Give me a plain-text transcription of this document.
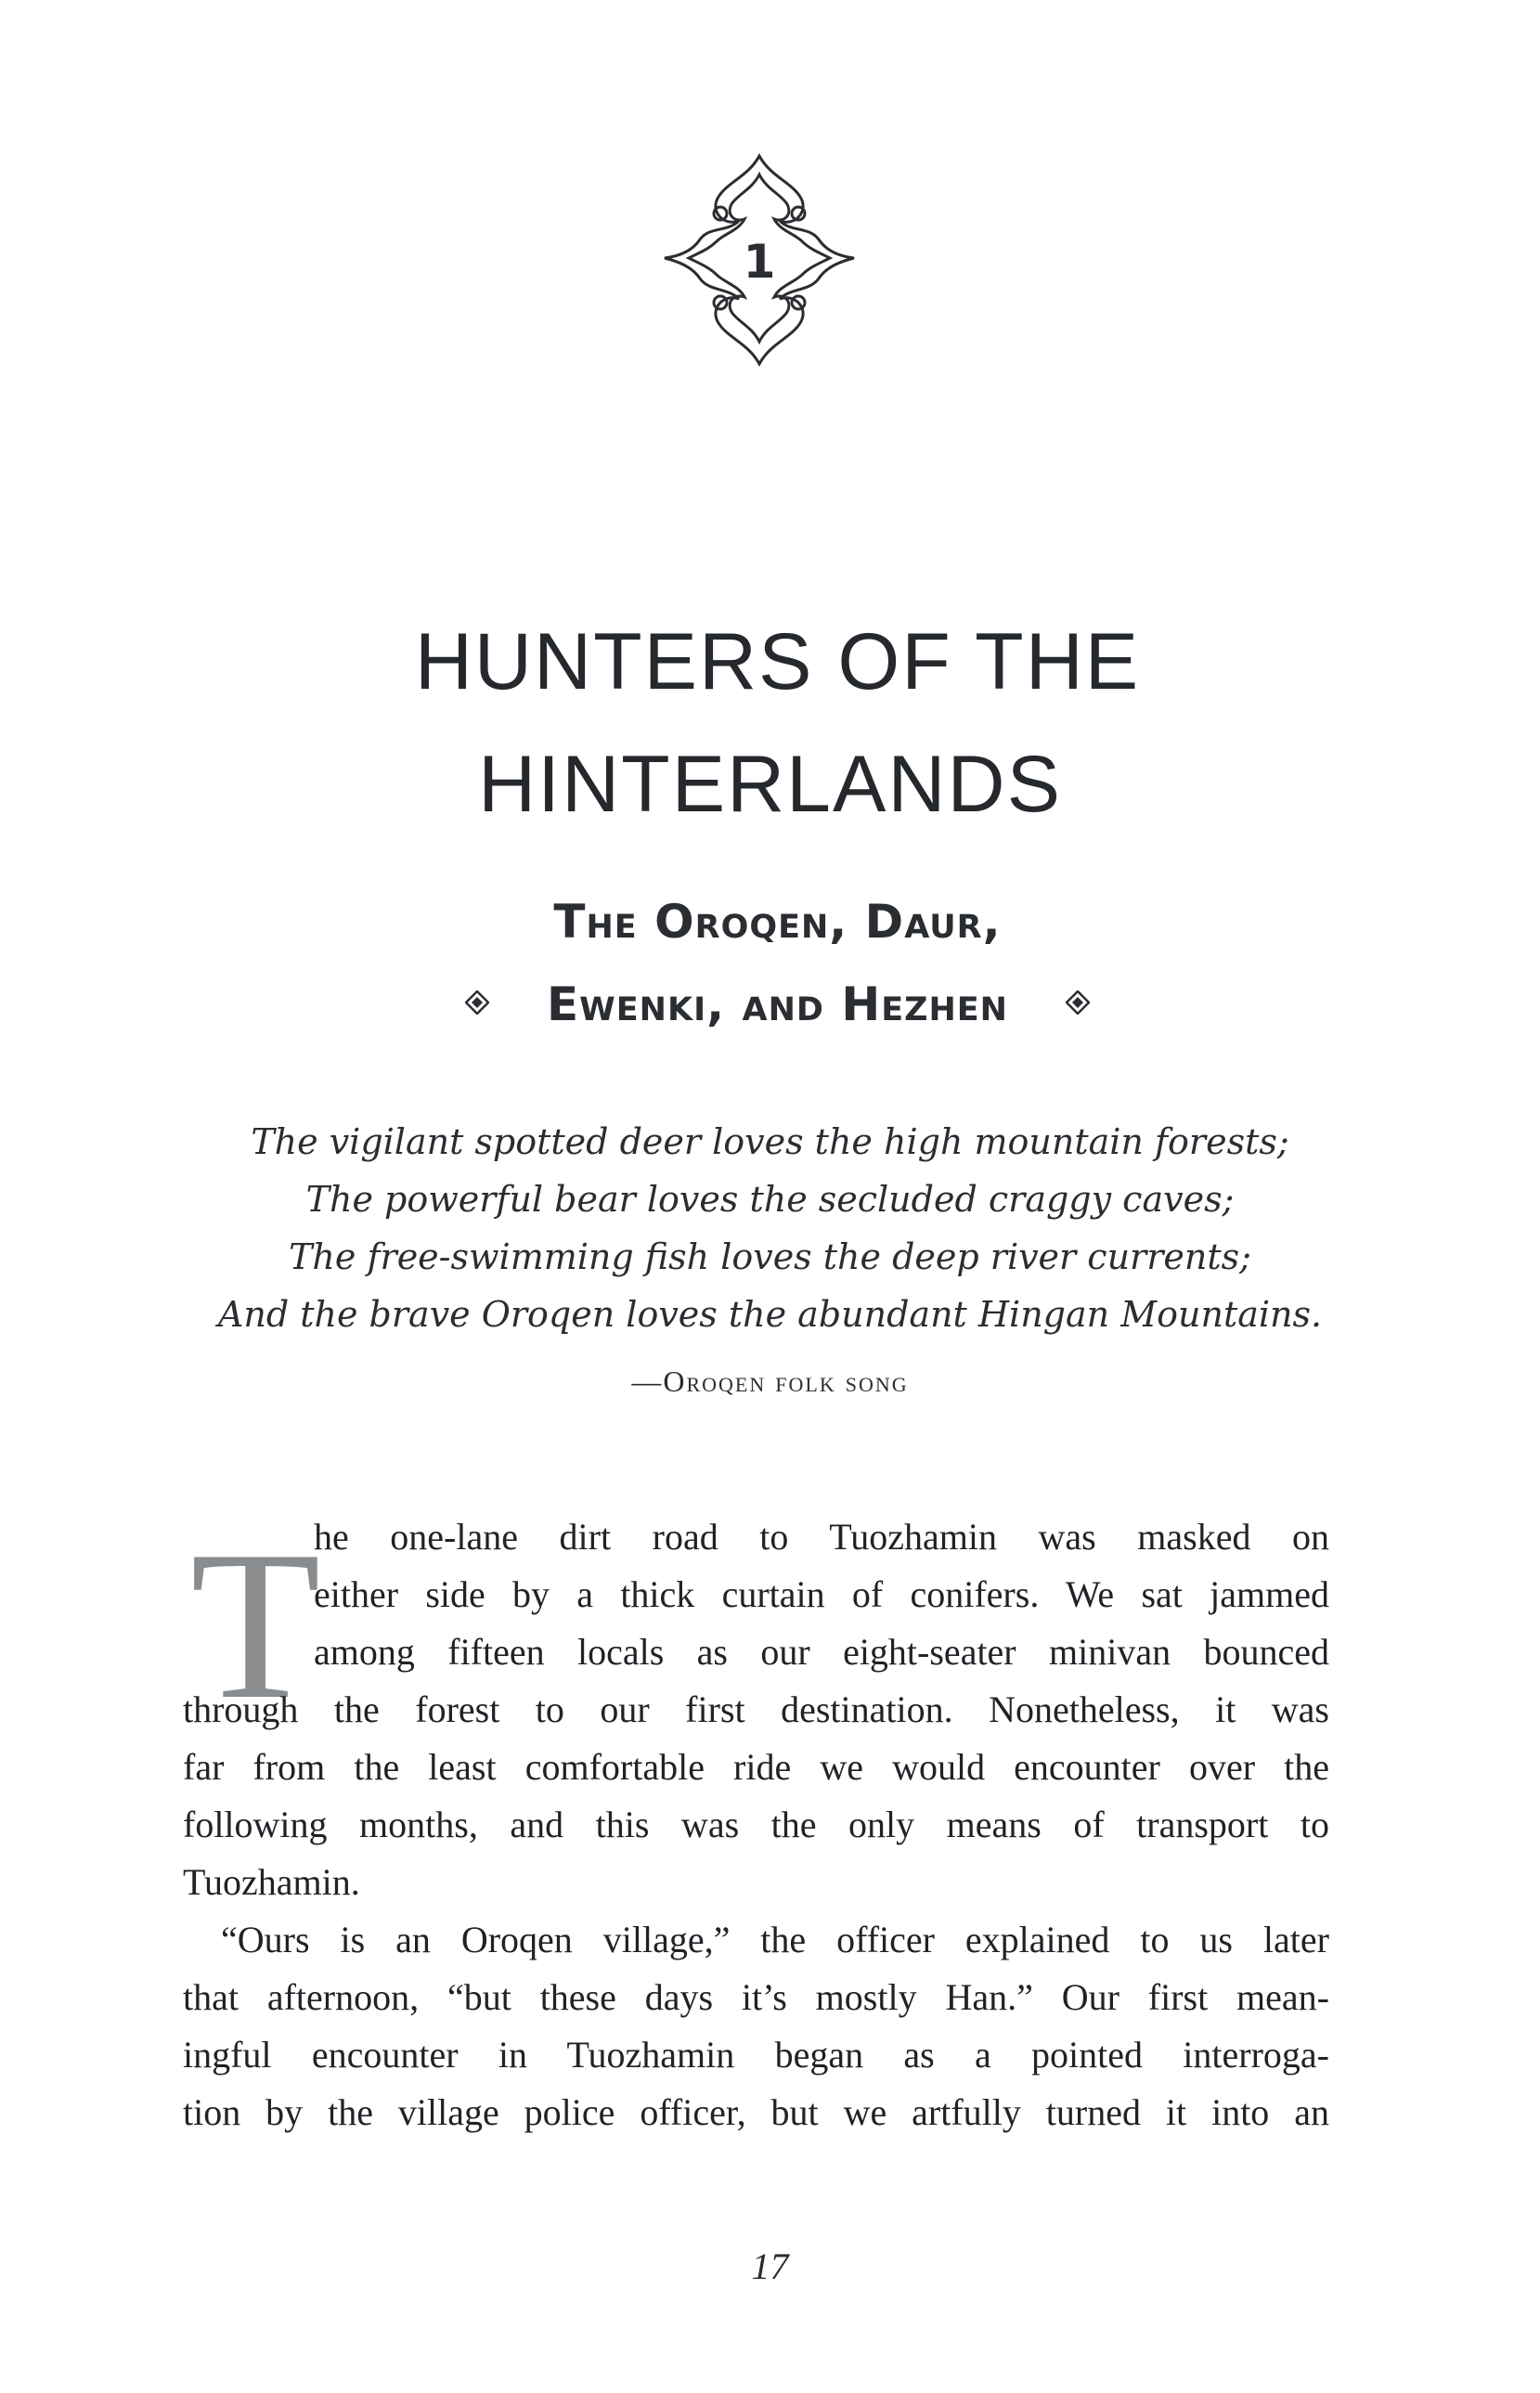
1
HUNTERS OF THE
HINTERLANDS
The Oroqen, Daur,
Ewenki, and Hezhen
The vigilant spotted deer loves the high mountain forests;
The powerful bear loves the secluded craggy caves;
The free-swimming fish loves the deep river currents;
And the brave Oroqen loves the abundant Hingan Mountains.
—Oroqen folk song
T
he one-lane dirt road to Tuozhamin was masked on
either side by a thick curtain of conifers. We sat jammed
among fifteen locals as our eight-seater minivan bounced
through the forest to our first destination. Nonetheless, it was
far from the least comfortable ride we would encounter over the
following months, and this was the only means of transport to
Tuozhamin.
“Ours is an Oroqen village,” the officer explained to us later
that afternoon, “but these days it’s mostly Han.” Our first mean-
ingful encounter in Tuozhamin began as a pointed interroga-
tion by the village police officer, but we artfully turned it into an
17
